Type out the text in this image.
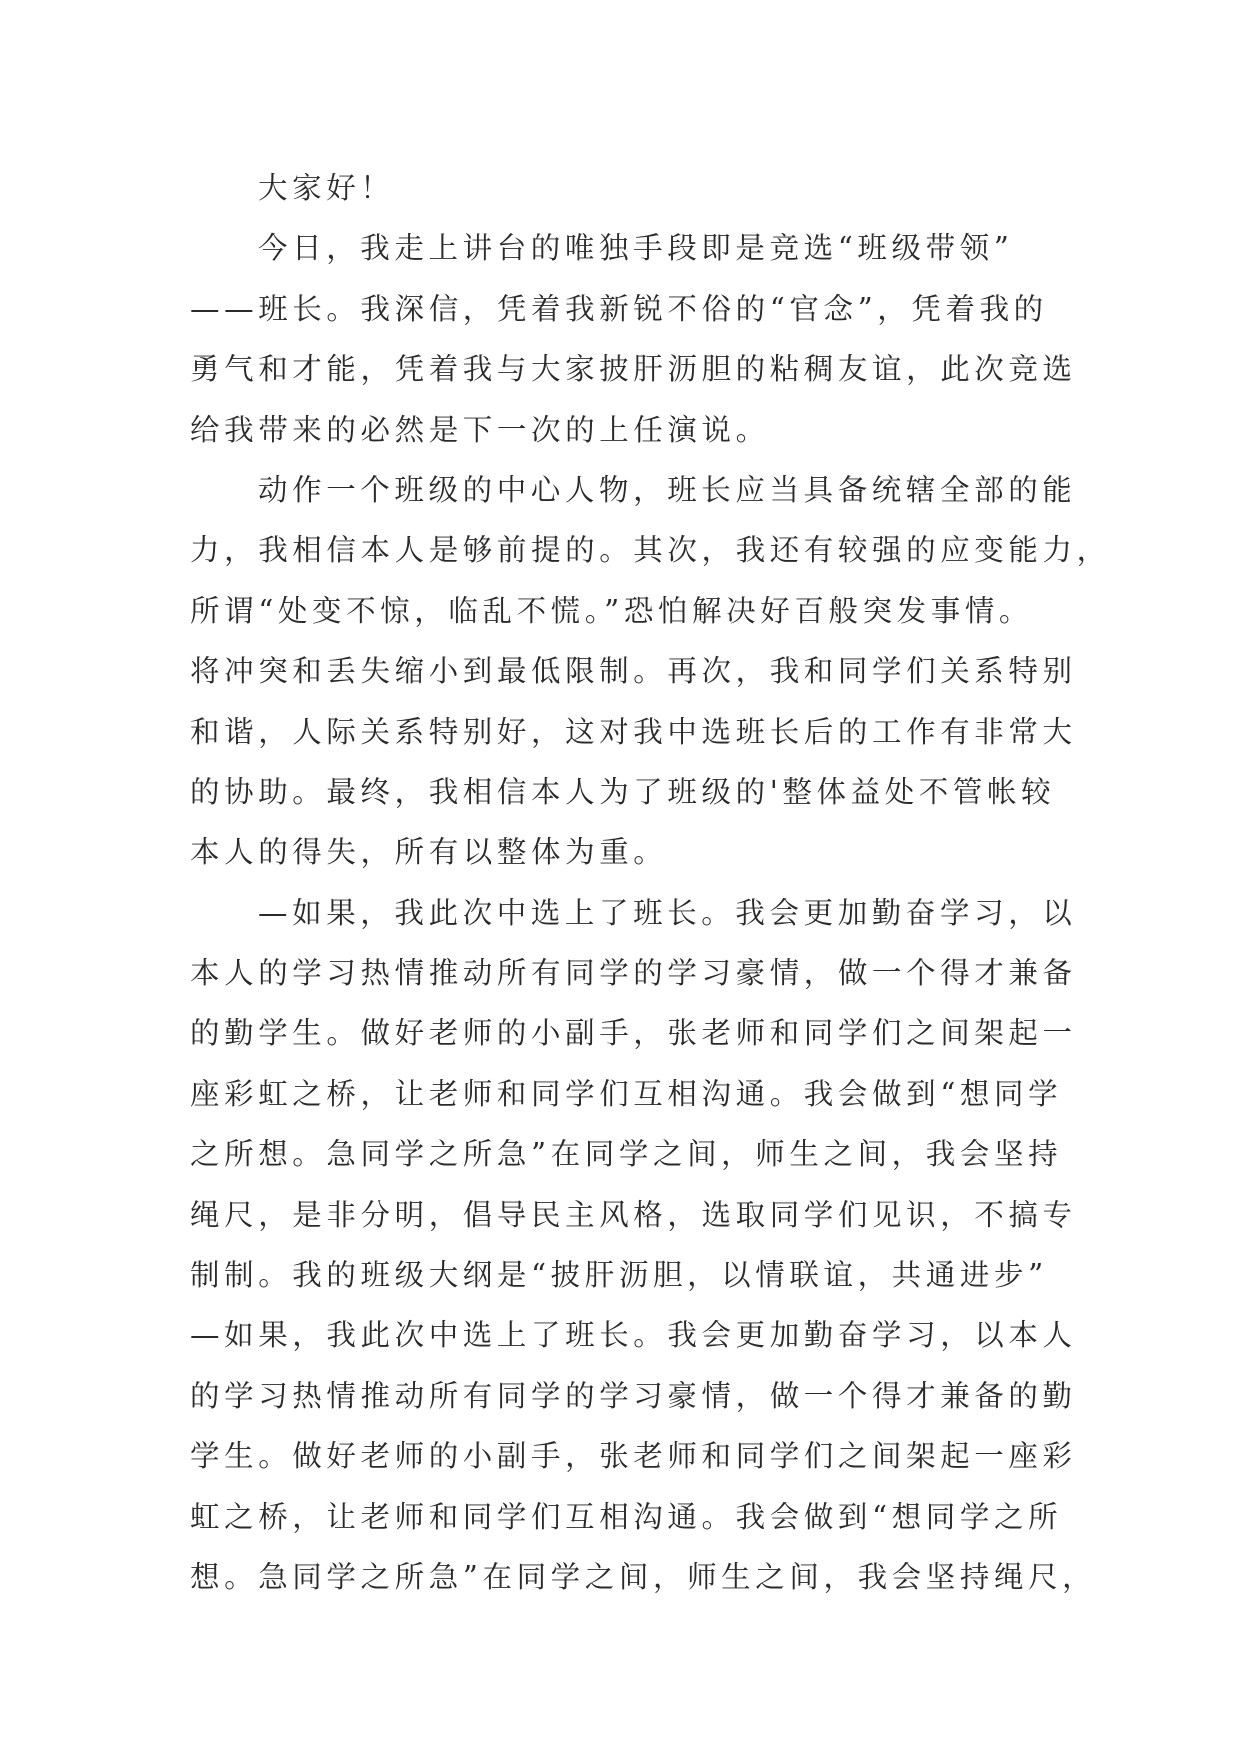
大家好！
今日，我走上讲台的唯独手段即是竞选“班级带领”
——班长。我深信，凭着我新锐不俗的“官念”，凭着我的
勇气和才能，凭着我与大家披肝沥胆的粘稠友谊，此次竞选
给我带来的必然是下一次的上任演说。
动作一个班级的中心人物，班长应当具备统辖全部的能
力，我相信本人是够前提的。其次，我还有较强的应变能力，
所谓“处变不惊，临乱不慌。”恐怕解决好百般突发事情。
将冲突和丢失缩小到最低限制。再次，我和同学们关系特别
和谐，人际关系特别好，这对我中选班长后的工作有非常大
的协助。最终，我相信本人为了班级的'整体益处不管帐较
本人的得失，所有以整体为重。
—如果，我此次中选上了班长。我会更加勤奋学习，以
本人的学习热情推动所有同学的学习豪情，做一个得才兼备
的勤学生。做好老师的小副手，张老师和同学们之间架起一
座彩虹之桥，让老师和同学们互相沟通。我会做到“想同学
之所想。急同学之所急”在同学之间，师生之间，我会坚持
绳尺，是非分明，倡导民主风格，选取同学们见识，不搞专
制制。我的班级大纲是“披肝沥胆，以情联谊，共通进步”
—如果，我此次中选上了班长。我会更加勤奋学习，以本人
的学习热情推动所有同学的学习豪情，做一个得才兼备的勤
学生。做好老师的小副手，张老师和同学们之间架起一座彩
虹之桥，让老师和同学们互相沟通。我会做到“想同学之所
想。急同学之所急”在同学之间，师生之间，我会坚持绳尺，
